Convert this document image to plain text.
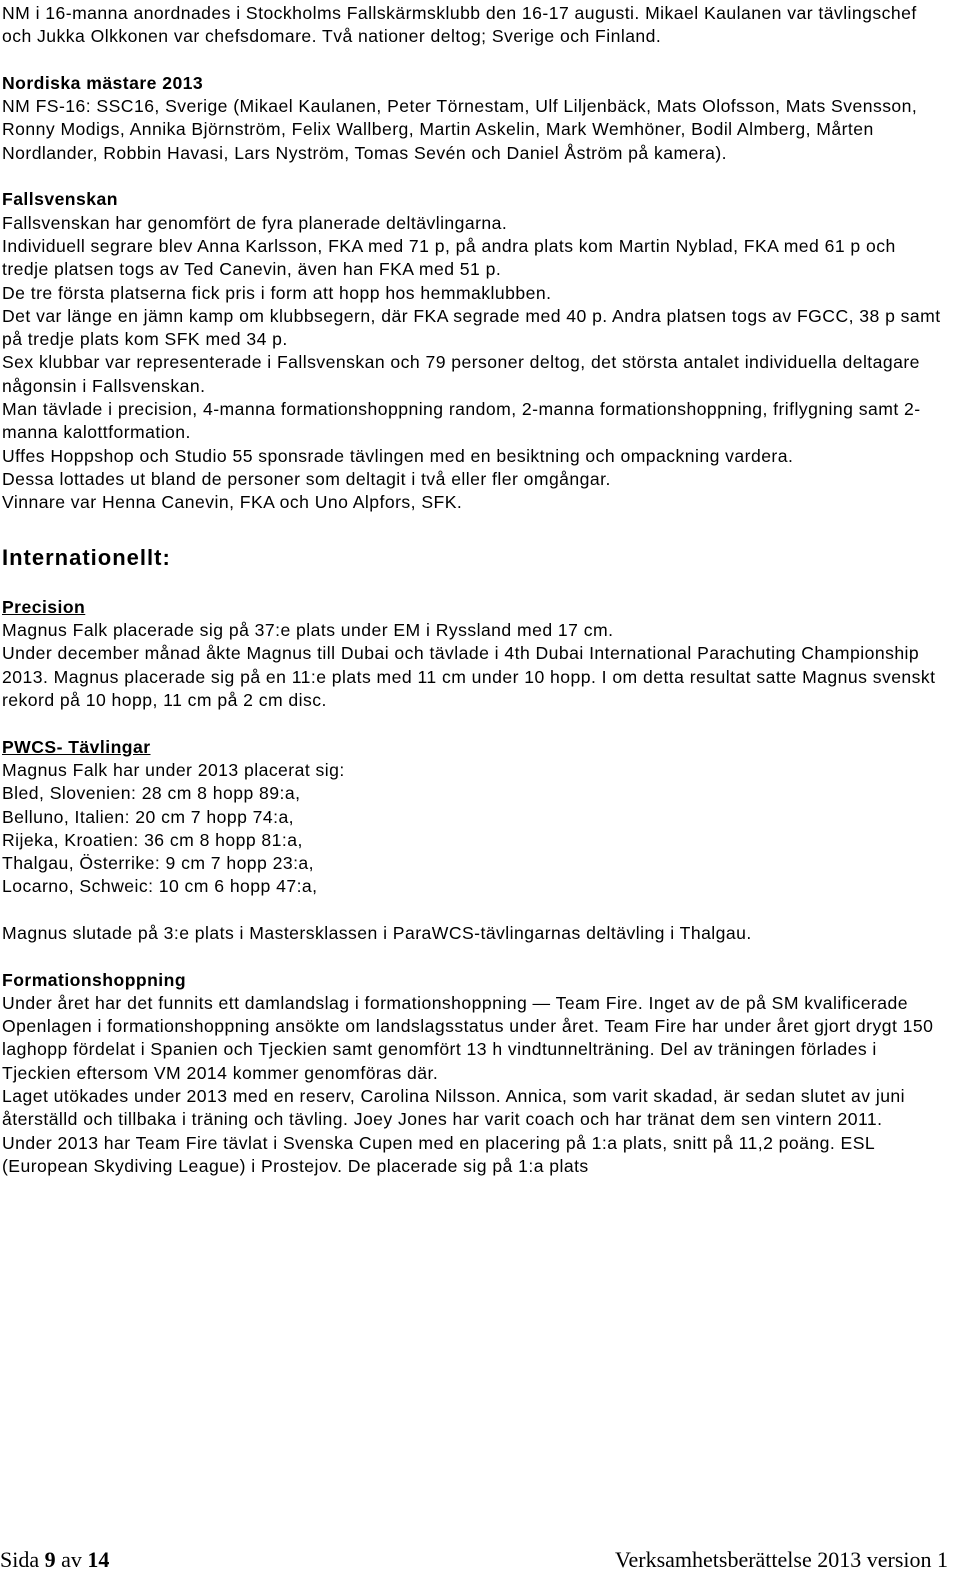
NM i 16-manna anordnades i Stockholms Fallskärmsklubb den 16-17 augusti. Mikael Kaulanen var tävlingschef och Jukka Olkkonen var chefsdomare. Två nationer deltog; Sverige och Finland.

Nordiska mästare 2013

NM FS-16: SSC16, Sverige (Mikael Kaulanen, Peter Törnestam, Ulf Liljenbäck, Mats Olofsson, Mats Svensson, Ronny Modigs, Annika Björnström, Felix Wallberg, Martin Askelin, Mark Wemhöner, Bodil Almberg, Mårten Nordlander, Robbin Havasi, Lars Nyström, Tomas Sevén och Daniel Åström på kamera).

Fallsvenskan

Fallsvenskan har genomfört de fyra planerade deltävlingarna.

Individuell segrare blev Anna Karlsson, FKA med 71 p, på andra plats kom Martin Nyblad, FKA med 61 p och tredje platsen togs av Ted Canevin, även han FKA med 51 p.

De tre första platserna fick pris i form att hopp hos hemmaklubben.

Det var länge en jämn kamp om klubbsegern, där FKA segrade med 40 p. Andra platsen togs av FGCC, 38 p samt på tredje plats kom SFK med 34 p.

Sex klubbar var representerade i Fallsvenskan och 79 personer deltog, det största antalet individuella deltagare någonsin i Fallsvenskan.

Man tävlade i precision, 4-manna formationshoppning random, 2-manna formationshoppning, friflygning samt 2-manna kalottformation.

Uffes Hoppshop och Studio 55 sponsrade tävlingen med en besiktning och ompackning vardera.

Dessa lottades ut bland de personer som deltagit i två eller fler omgångar.

Vinnare var Henna Canevin, FKA och Uno Alpfors, SFK.

Internationellt:

Precision

Magnus Falk placerade sig på 37:e plats under EM i Ryssland med 17 cm.

Under december månad åkte Magnus till Dubai och tävlade i 4th Dubai International Parachuting Championship 2013. Magnus placerade sig på en 11:e plats med 11 cm under 10 hopp. I om detta resultat satte Magnus svenskt rekord på 10 hopp, 11 cm på 2 cm disc.

PWCS- Tävlingar

Magnus Falk har under 2013 placerat sig:

Bled, Slovenien: 28 cm 8 hopp 89:a,

Belluno, Italien: 20 cm 7 hopp 74:a,

Rijeka, Kroatien: 36 cm 8 hopp 81:a,

Thalgau, Österrike: 9 cm 7 hopp 23:a,

Locarno, Schweic: 10 cm 6 hopp 47:a,

Magnus slutade på 3:e plats i Mastersklassen i ParaWCS-tävlingarnas deltävling i Thalgau.

Formationshoppning

Under året har det funnits ett damlandslag i formationshoppning — Team Fire. Inget av de på SM kvalificerade Openlagen i formationshoppning ansökte om landslagsstatus under året. Team Fire har under året gjort drygt 150 laghopp fördelat i Spanien och Tjeckien samt genomfört 13 h vindtunnelträning. Del av träningen förlades i Tjeckien eftersom VM 2014 kommer genomföras där.

Laget utökades under 2013 med en reserv, Carolina Nilsson. Annica, som varit skadad, är sedan slutet av juni återställd och tillbaka i träning och tävling. Joey Jones har varit coach och har tränat dem sen vintern 2011.

Under 2013 har Team Fire tävlat i Svenska Cupen med en placering på 1:a plats, snitt på 11,2 poäng. ESL (European Skydiving League) i Prostejov. De placerade sig på 1:a plats

Sida 9 av 14	Verksamhetsberättelse 2013 version 1
